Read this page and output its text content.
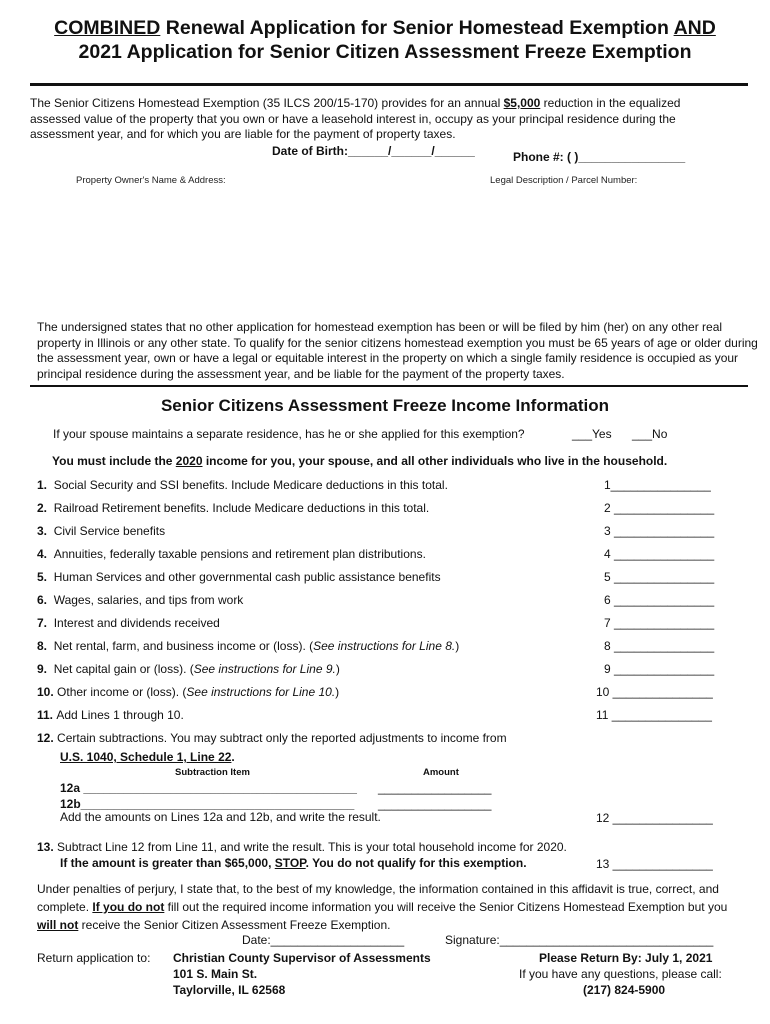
COMBINED Renewal Application for Senior Homestead Exemption AND
2021 Application for Senior Citizen Assessment Freeze Exemption
The Senior Citizens Homestead Exemption (35 ILCS 200/15-170) provides for an annual $5,000 reduction in the equalized assessed value of the property that you own or have a leasehold interest in, occupy as your principal residence during the assessment year, and for which you are liable for the payment of property taxes.
Date of Birth:______/______/______	Phone #: ( )________________
Property Owner's Name & Address:	Legal Description / Parcel Number:
The undersigned states that no other application for homestead exemption has been or will be filed by him (her) on any other real property in Illinois or any other state. To qualify for the senior citizens homestead exemption you must be 65 years of age or older during the assessment year, own or have a legal or equitable interest in the property on which a single family residence is occupied as your principal residence during the assessment year, and be liable for the payment of the property taxes.
Senior Citizens Assessment Freeze Income Information
If your spouse maintains a separate residence, has he or she applied for this exemption?	___Yes ___No
You must include the 2020 income for you, your spouse, and all other individuals who live in the household.
1. Social Security and SSI benefits. Include Medicare deductions in this total.	1_______________
2. Railroad Retirement benefits. Include Medicare deductions in this total.	2 _______________
3. Civil Service benefits	3 _______________
4. Annuities, federally taxable pensions and retirement plan distributions.	4 _______________
5. Human Services and other governmental cash public assistance benefits	5 _______________
6. Wages, salaries, and tips from work	6 _______________
7. Interest and dividends received	7 _______________
8. Net rental, farm, and business income or (loss). (See instructions for Line 8.)	8 _______________
9. Net capital gain or (loss). (See instructions for Line 9.)	9 _______________
10. Other income or (loss). (See instructions for Line 10.)	10 _______________
11. Add Lines 1 through 10.	11 _______________
12. Certain subtractions. You may subtract only the reported adjustments to income from
U.S. 1040, Schedule 1, Line 22.
Subtraction Item	Amount
12a _________________________________________ _________________
12b_________________________________________ _________________
Add the amounts on Lines 12a and 12b, and write the result.	12 _______________
13. Subtract Line 12 from Line 11, and write the result. This is your total household income for 2020.
If the amount is greater than $65,000, STOP. You do not qualify for this exemption.	13 _______________
Under penalties of perjury, I state that, to the best of my knowledge, the information contained in this affidavit is true, correct, and complete. If you do not fill out the required income information you will receive the Senior Citizens Homestead Exemption but you will not receive the Senior Citizen Assessment Freeze Exemption.
Date:____________________	Signature:________________________________
Return application to: Christian County Supervisor of Assessments
101 S. Main St.
Taylorville, IL 62568
Please Return By: July 1, 2021
If you have any questions, please call:
(217) 824-5900
